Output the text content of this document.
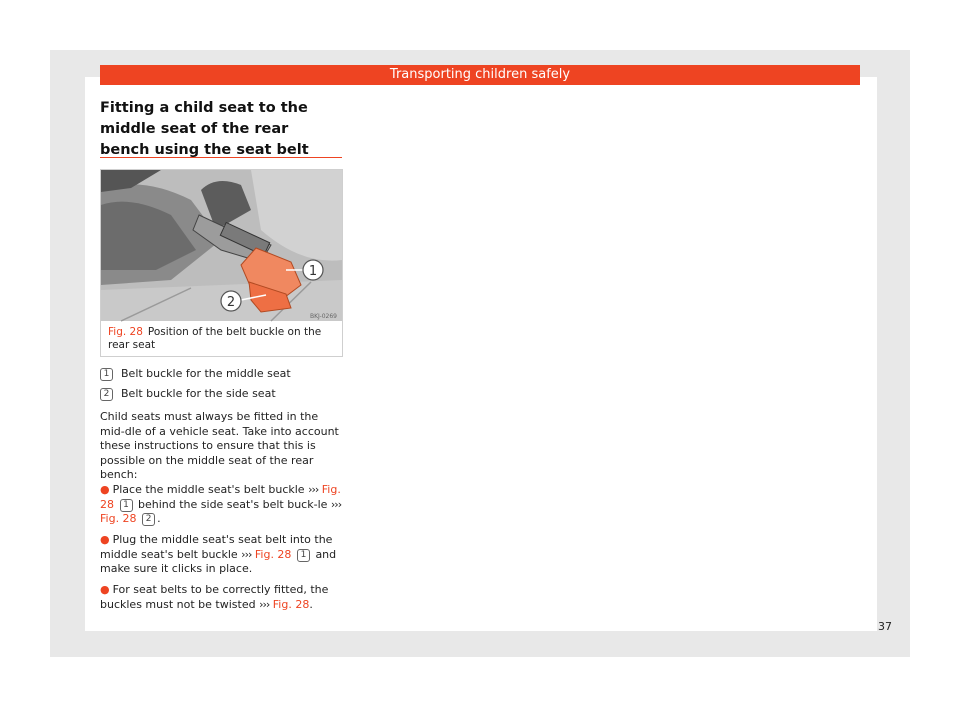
Transporting children safely
Fitting a child seat to the middle seat of the rear bench using the seat belt
1
2
BKJ-0269
Fig. 28 Position of the belt buckle on the rear seat
1 Belt buckle for the middle seat
2 Belt buckle for the side seat
Child seats must always be fitted in the mid-dle of a vehicle seat. Take into account these instructions to ensure that this is possible on the middle seat of the rear bench:
● Place the middle seat's belt buckle ››› Fig. 28 1 behind the side seat's belt buck-le ››› Fig. 28 2 .
● Plug the middle seat's seat belt into the middle seat's belt buckle ››› Fig. 28 1 and make sure it clicks in place.
● For seat belts to be correctly fitted, the buckles must not be twisted ››› Fig. 28.
37
